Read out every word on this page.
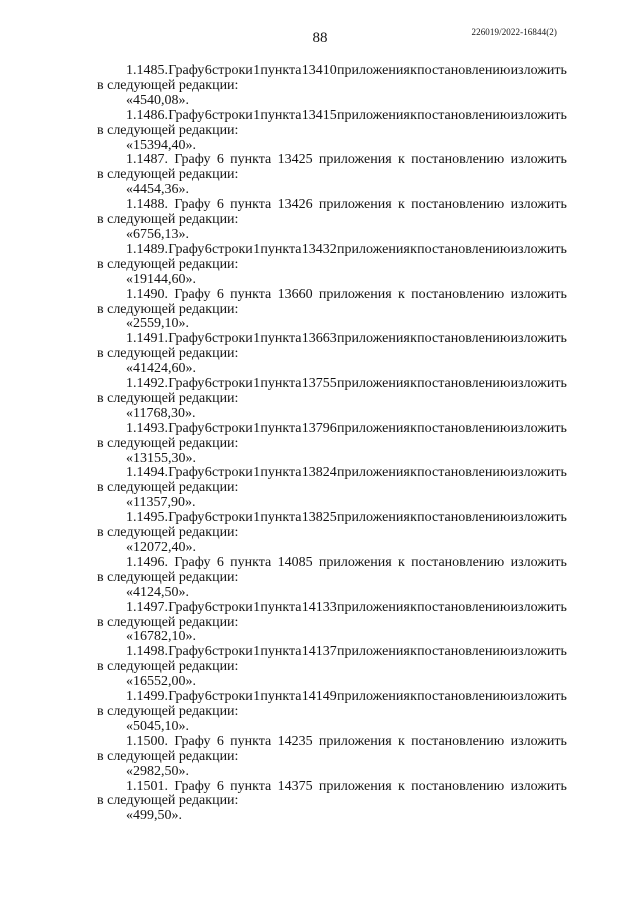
88	226019/2022-16844(2)
1.1485. Графу 6 строки 1 пункта 13410 приложения к постановлению изложить
в следующей редакции:
«4540,08».
1.1486. Графу 6 строки 1 пункта 13415 приложения к постановлению изложить
в следующей редакции:
«15394,40».
1.1487. Графу 6 пункта 13425 приложения к постановлению изложить
в следующей редакции:
«4454,36».
1.1488. Графу 6 пункта 13426 приложения к постановлению изложить
в следующей редакции:
«6756,13».
1.1489. Графу 6 строки 1 пункта 13432 приложения к постановлению изложить
в следующей редакции:
«19144,60».
1.1490. Графу 6 пункта 13660 приложения к постановлению изложить
в следующей редакции:
«2559,10».
1.1491. Графу 6 строки 1 пункта 13663 приложения к постановлению изложить
в следующей редакции:
«41424,60».
1.1492. Графу 6 строки 1 пункта 13755 приложения к постановлению изложить
в следующей редакции:
«11768,30».
1.1493. Графу 6 строки 1 пункта 13796 приложения к постановлению изложить
в следующей редакции:
«13155,30».
1.1494. Графу 6 строки 1 пункта 13824 приложения к постановлению изложить
в следующей редакции:
«11357,90».
1.1495. Графу 6 строки 1 пункта 13825 приложения к постановлению изложить
в следующей редакции:
«12072,40».
1.1496. Графу 6 пункта 14085 приложения к постановлению изложить
в следующей редакции:
«4124,50».
1.1497. Графу 6 строки 1 пункта 14133 приложения к постановлению изложить
в следующей редакции:
«16782,10».
1.1498. Графу 6 строки 1 пункта 14137 приложения к постановлению изложить
в следующей редакции:
«16552,00».
1.1499. Графу 6 строки 1 пункта 14149 приложения к постановлению изложить
в следующей редакции:
«5045,10».
1.1500. Графу 6 пункта 14235 приложения к постановлению изложить
в следующей редакции:
«2982,50».
1.1501. Графу 6 пункта 14375 приложения к постановлению изложить
в следующей редакции:
«499,50».
